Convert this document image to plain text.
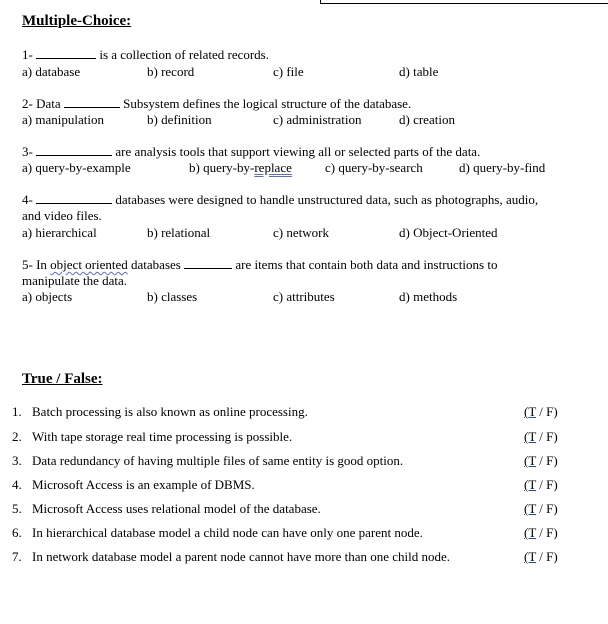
Multiple-Choice:
1-	is a collection of related records.
a) database	b) record	c) file	d) table
2- Data	Subsystem defines the logical structure of the database.
a) manipulation	b) definition	c) administration	d) creation
3-	are analysis tools that support viewing all or selected parts of the data.
a) query-by-example	b) query-by-replace	c) query-by-search	d) query-by-find
4-	databases were designed to handle unstructured data, such as photographs, audio,
and video files.
a) hierarchical	b) relational	c) network	d) Object-Oriented
5- In object oriented databases	are items that contain both data and instructions to
manipulate the data.
a) objects	b) classes	c) attributes	d) methods
True / False:
1. Batch processing is also known as online processing.	(T / F)
2. With tape storage real time processing is possible.	(T / F)
3. Data redundancy of having multiple files of same entity is good option.	(T / F)
4. Microsoft Access is an example of DBMS.	(T / F)
5. Microsoft Access uses relational model of the database.	(T / F)
6. In hierarchical database model a child node can have only one parent node.	(T / F)
7. In network database model a parent node cannot have more than one child node.	(T / F)
